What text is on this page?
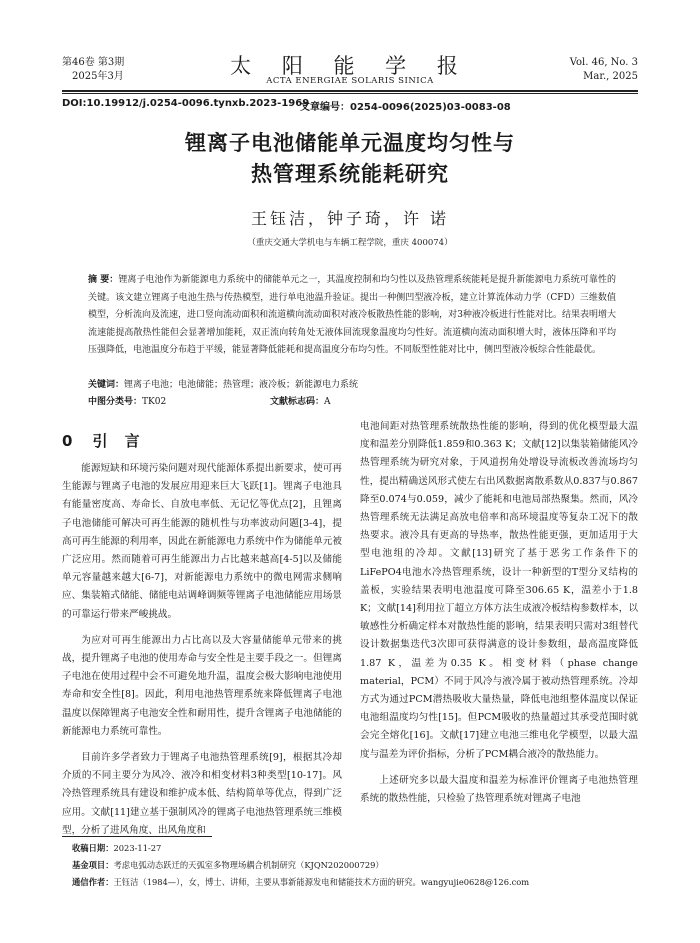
第46卷 第3期
2025年3月	太 阳 能 学 报
ACTA ENERGIAE SOLARIS SINICA
Vol. 46, No. 3
Mar., 2025
DOI:10.19912/j.0254-0096.tynxb.2023-1969
文章编号：0254-0096(2025)03-0083-08
锂离子电池储能单元温度均匀性与
热管理系统能耗研究
王钰洁，钟子琦，许 诺
（重庆交通大学机电与车辆工程学院，重庆 400074）
摘 要：锂离子电池作为新能源电力系统中的储能单元之一，其温度控制和均匀性以及热管理系统能耗是提升新能源电力系统可靠性的关键。该文建立锂离子电池生热与传热模型，进行单电池温升验证。提出一种侧凹型液冷板，建立计算流体动力学（CFD）三维数值模型，分析流向及流速，进口竖向流动面积和流道横向流动面积对液冷板散热性能的影响，对3种液冷板进行性能对比。结果表明增大流速能提高散热性能但会显著增加能耗，双正流向转角处无液体回流现象温度均匀性好。流道横向流动面积增大时，液体压降和平均压强降低，电池温度分布趋于平缓，能显著降低能耗和提高温度分布均匀性。不同版型性能对比中，侧凹型液冷板综合性能最优。
关键词：锂离子电池；电池储能；热管理；液冷板；新能源电力系统
中图分类号：TK02	文献标志码：A
0 引 言

能源短缺和环境污染问题对现代能源体系提出新要求，使可再生能源与锂离子电池的发展应用迎来巨大飞跃[1]。锂离子电池具有能量密度高、寿命长、自放电率低、无记忆等优点[2]，且锂离子电池储能可解决可再生能源的随机性与功率波动问题[3-4]，提高可再生能源的利用率，因此在新能源电力系统中作为储能单元被广泛应用。然而随着可再生能源出力占比越来越高[4-5]以及储能单元容量越来越大[6-7]，对新能源电力系统中的微电网需求侧响应、集装箱式储能、储能电站调峰调频等锂离子电池储能应用场景的可靠运行带来严峻挑战。

为应对可再生能源出力占比高以及大容量储能单元带来的挑战，提升锂离子电池的使用寿命与安全性是主要手段之一。但锂离子电池在使用过程中会不可避免地升温，温度会极大影响电池使用寿命和安全性[8]。因此，利用电池热管理系统来降低锂离子电池温度以保障锂离子电池安全性和耐用性，提升含锂离子电池储能的新能源电力系统可靠性。

目前许多学者致力于锂离子电池热管理系统[9]，根据其冷却介质的不同主要分为风冷、液冷和相变材料3种类型[10-17]。风冷热管理系统具有建设和维护成本低、结构简单等优点，得到广泛应用。文献[11]建立基于强制风冷的锂离子电池热管理系统三维模型，分析了进风角度、出风角度和

电池间距对热管理系统散热性能的影响，得到的优化模型最大温度和温差分别降低1.859和0.363 K；文献[12]以集装箱储能风冷热管理系统为研究对象，于风道拐角处增设导流板改善流场均匀性，提出精确送风形式使左右出风数据离散系数从0.837与0.867降至0.074与0.059，减少了能耗和电池局部热聚集。然而，风冷热管理系统无法满足高放电倍率和高环境温度等复杂工况下的散热要求。液冷具有更高的导热率，散热性能更强，更加适用于大型电池组的冷却。文献[13]研究了基于恶劣工作条件下的LiFePO4电池水冷热管理系统，设计一种新型的T型分叉结构的盖板，实验结果表明电池温度可降至306.65 K，温差小于1.8 K；文献[14]利用拉丁超立方体方法生成液冷板结构参数样本，以敏感性分析确定样本对散热性能的影响，结果表明只需对3组替代设计数据集迭代3次即可获得满意的设计参数组，最高温度降低1.87 K，温差为0.35 K。相变材料（phase change material，PCM）不同于风冷与液冷属于被动热管理系统。冷却方式为通过PCM潜热吸收大量热量，降低电池组整体温度以保证电池组温度均匀性[15]。但PCM吸收的热量超过其承受范围时就会完全熔化[16]。文献[17]建立电池三维电化学模型，以最大温度与温差为评价指标，分析了PCM耦合液冷的散热能力。

上述研究多以最大温度和温差为标准评价锂离子电池热管理系统的散热性能，只检验了热管理系统对锂离子电池

收稿日期：2023-11-27
基金项目：考虑电弧动态跃迁的天弧室多物理场耦合机制研究（KJQN202000729）
通信作者：王钰洁（1984—），女，博士、讲师，主要从事新能源发电和储能技术方面的研究。wangyujie0628@126.com
